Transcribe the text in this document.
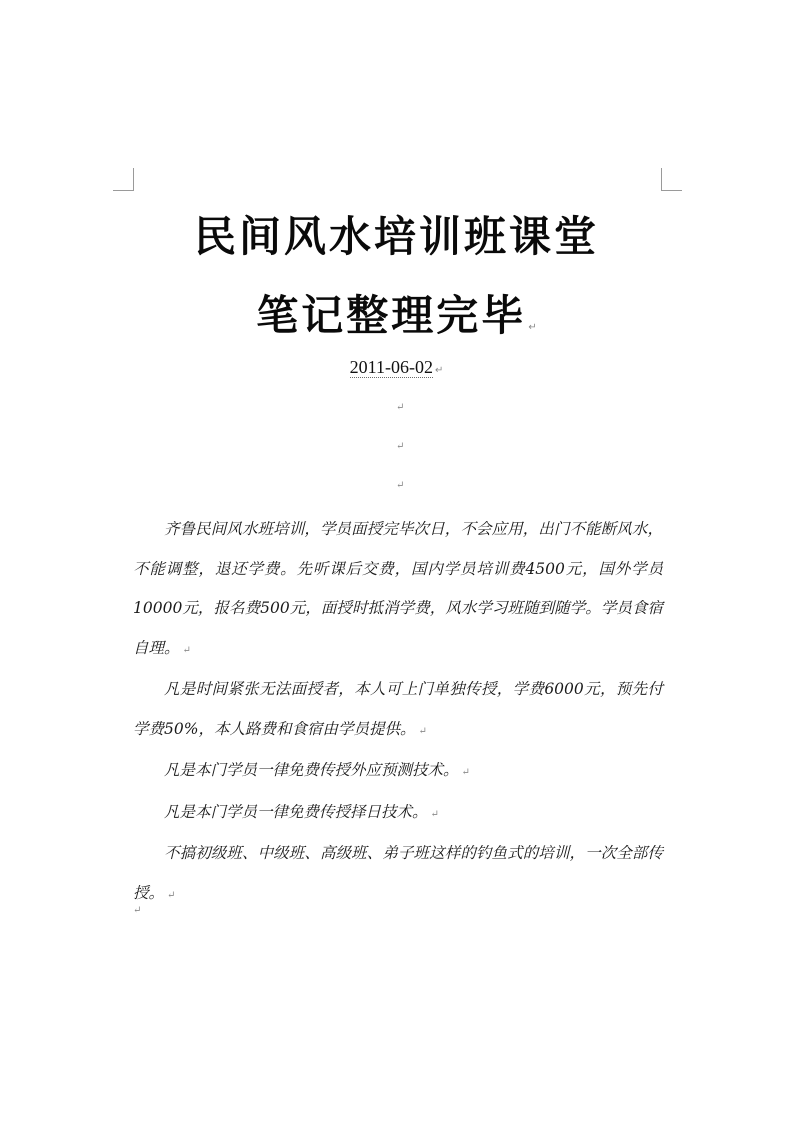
民间风水培训班课堂
笔记整理完毕 ↵
2011-06-02 ↵
↵
↵
↵

齐鲁民间风水班培训，学员面授完毕次日，不会应用，出门不能断风水，不能调整，退还学费。先听课后交费，国内学员培训费4500元，国外学员10000元，报名费500元，面授时抵消学费，风水学习班随到随学。学员食宿自理。 ↵

凡是时间紧张无法面授者，本人可上门单独传授，学费6000元，预先付学费50%，本人路费和食宿由学员提供。 ↵

凡是本门学员一律免费传授外应预测技术。 ↵

凡是本门学员一律免费传授择日技术。 ↵

不搞初级班、中级班、高级班、弟子班这样的钓鱼式的培训，一次全部传授。 ↵

↵
